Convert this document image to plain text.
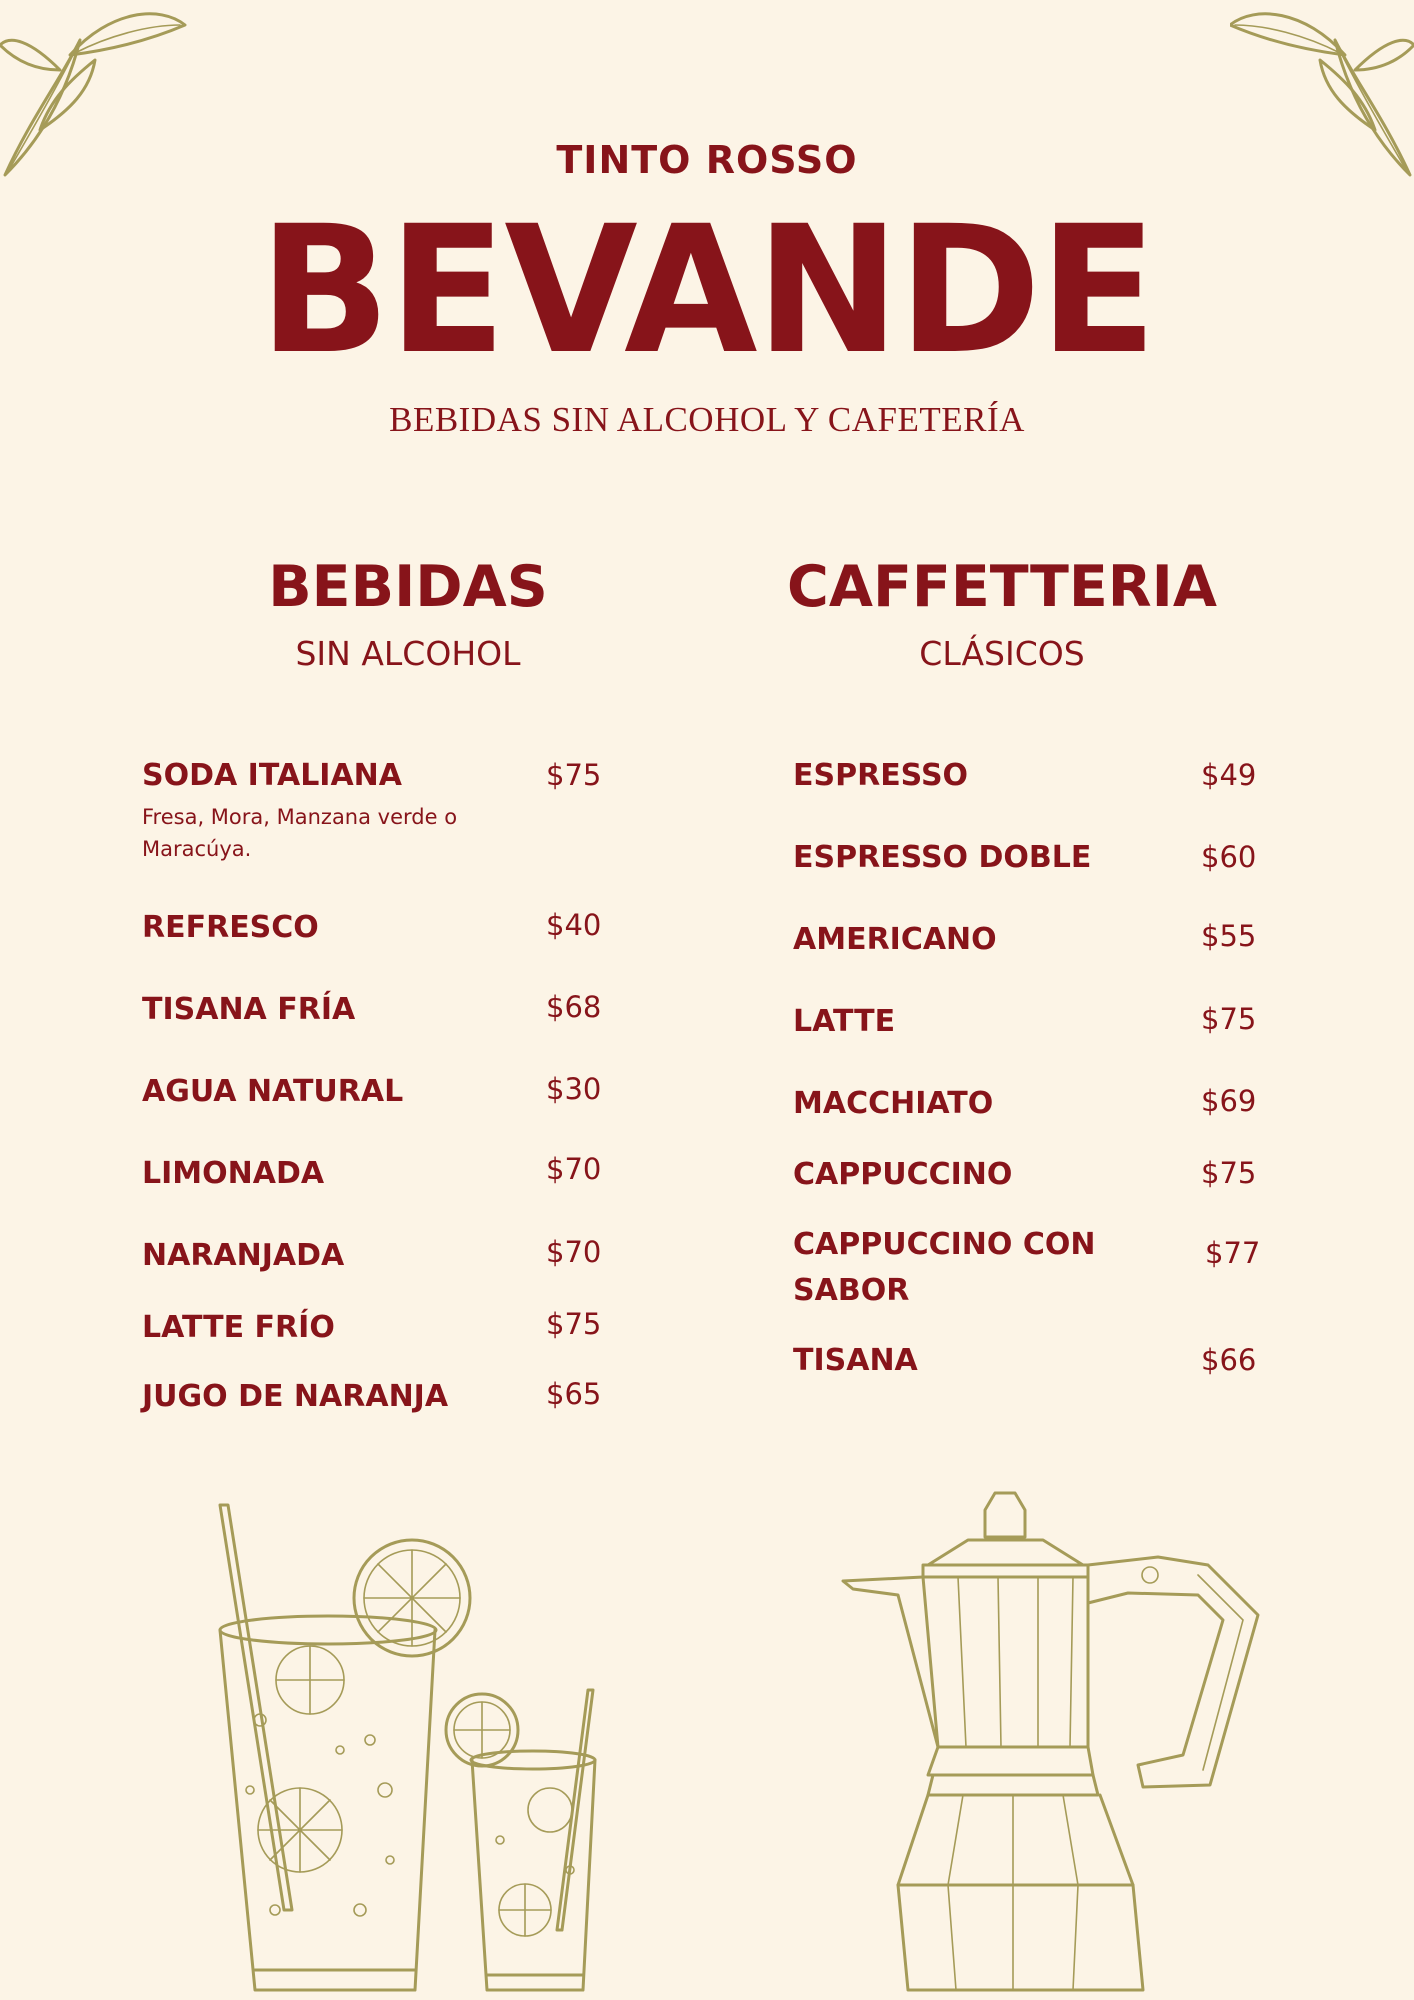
TINTO ROSSO
BEVANDE
BEBIDAS SIN ALCOHOL Y CAFETERÍA
BEBIDAS
SIN ALCOHOL
CAFFETTERIA
CLÁSICOS
SODA ITALIANA	$75
Fresa, Mora, Manzana verde o Maracúya.
REFRESCO	$40
TISANA FRÍA	$68
AGUA NATURAL	$30
LIMONADA	$70
NARANJADA	$70
LATTE FRÍO	$75
JUGO DE NARANJA	$65
ESPRESSO	$49
ESPRESSO DOBLE	$60
AMERICANO	$55
LATTE	$75
MACCHIATO	$69
CAPPUCCINO	$75
CAPPUCCINO CON SABOR
$77
TISANA	$66
